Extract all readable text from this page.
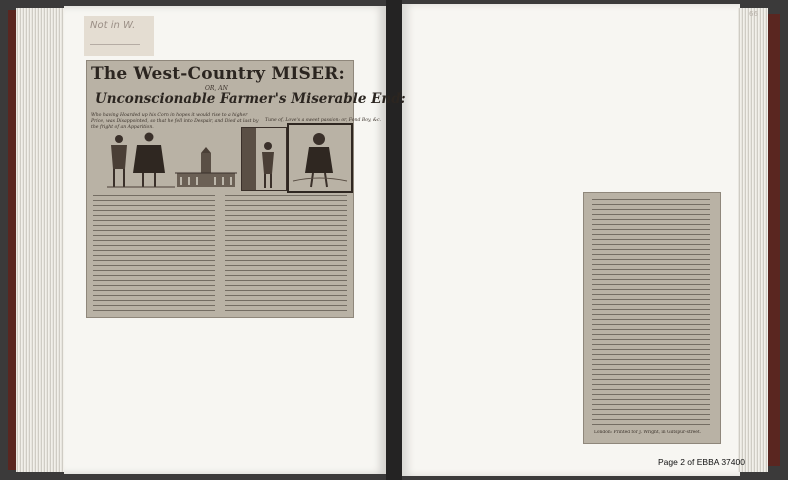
Not in W.
The West-Country MISER:
OR, AN
Unconscionable Farmer's Miserable End:
Who having Hoarded up his Corn in hopes it would rise to a higher Price, was Disappointed, so that he fell into Despair, and Died at last by the fright of an Apparition.
Tune of, Love's a sweet passion: or, Fond Boy, &c.
London: Printed for J. Wright, in Giltspur-street.
66
Page 2 of EBBA 37400
